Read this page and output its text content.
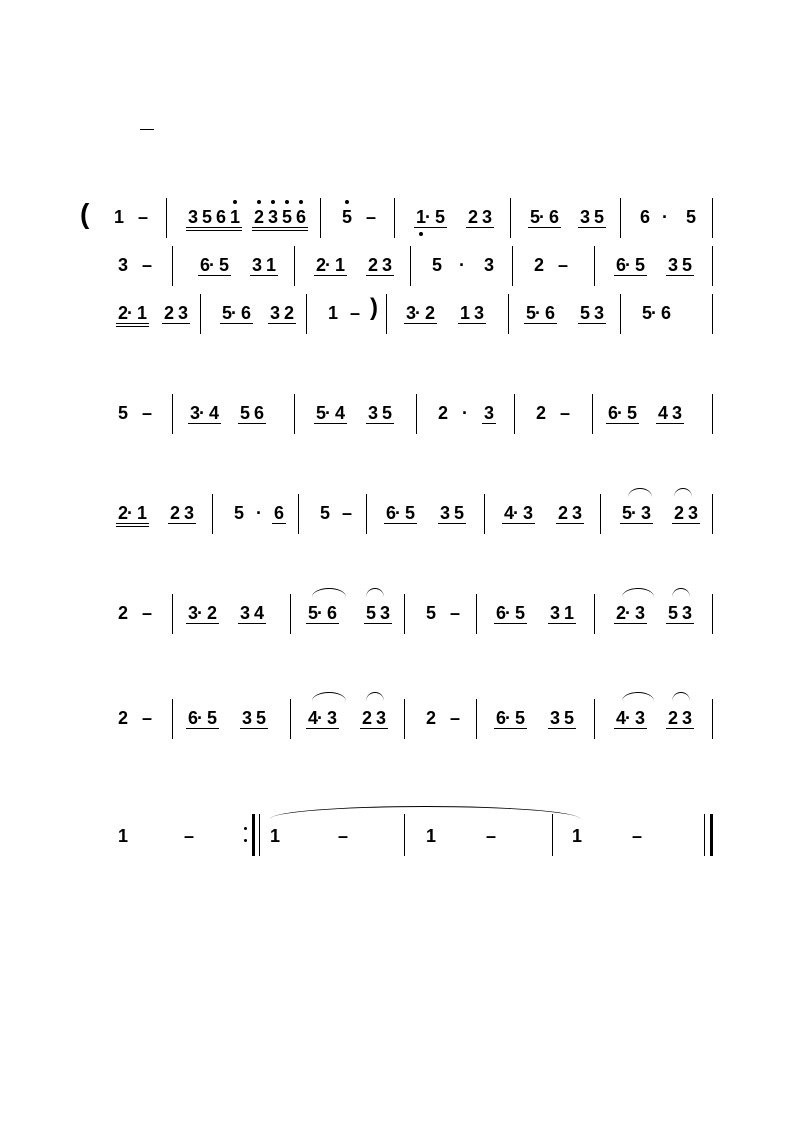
( 1 – 3 5 6 1 2 3 5 6 5 – 1 · 5 2 3 5 · 6 3 5 6 · 5
3 –	6 · 5 3 1 2 · 1 2 3 5 · 3 2 –	6 · 5 3 5
2 · 1 2 3 5 · 6 3 2 1 – ) 3 · 2 1 3 5 · 6 5 3 5 · 6
5 – 3 · 4 5 6	5 · 4 3 5	2 · 3 2 – 6 · 5 4 3
2 · 1 2 3 5 · 6 5 – 6 · 5 3 5 4 · 3 2 3 5 · 3 2 3
2 – 3 · 2 3 4 5 · 6 5 3 5 – 6 · 5 3 1 2 · 3 5 3
2 – 6 · 5 3 5 4 · 3 2 3 2 – 6 · 5 3 5 4 · 3 2 3
1	–	1	–	1	–	1	–
